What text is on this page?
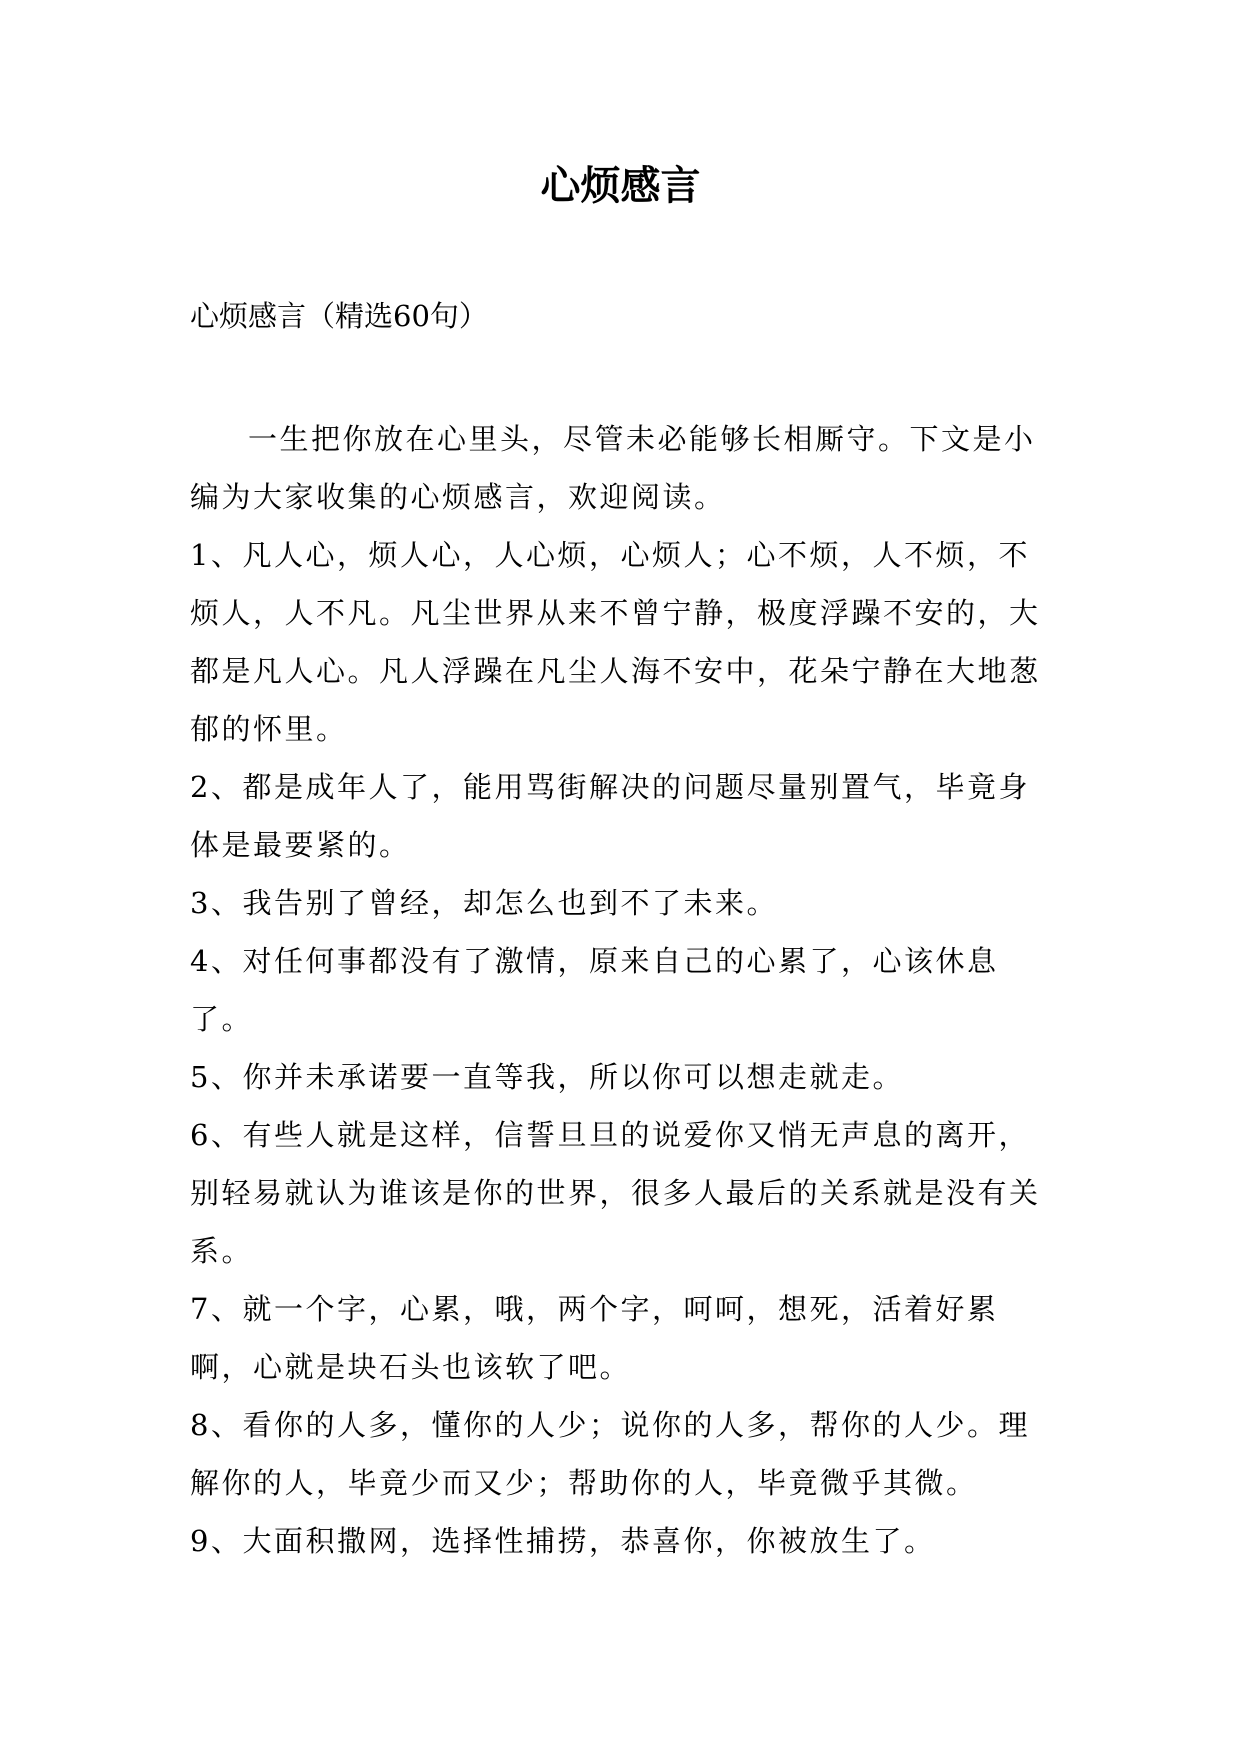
心烦感言
心烦感言（精选60句）

一生把你放在心里头，尽管未必能够长相厮守。下文是小编为大家收集的心烦感言，欢迎阅读。

1、凡人心，烦人心，人心烦，心烦人；心不烦，人不烦，不烦人，人不凡。凡尘世界从来不曾宁静，极度浮躁不安的，大都是凡人心。凡人浮躁在凡尘人海不安中，花朵宁静在大地葱郁的怀里。

2、都是成年人了，能用骂街解决的问题尽量别置气，毕竟身体是最要紧的。

3、我告别了曾经，却怎么也到不了未来。

4、对任何事都没有了激情，原来自己的心累了，心该休息了。

5、你并未承诺要一直等我，所以你可以想走就走。

6、有些人就是这样，信誓旦旦的说爱你又悄无声息的离开，别轻易就认为谁该是你的世界，很多人最后的关系就是没有关系。

7、就一个字，心累，哦，两个字，呵呵，想死，活着好累啊，心就是块石头也该软了吧。

8、看你的人多，懂你的人少；说你的人多，帮你的人少。理解你的人，毕竟少而又少；帮助你的人，毕竟微乎其微。

9、大面积撒网，选择性捕捞，恭喜你，你被放生了。
